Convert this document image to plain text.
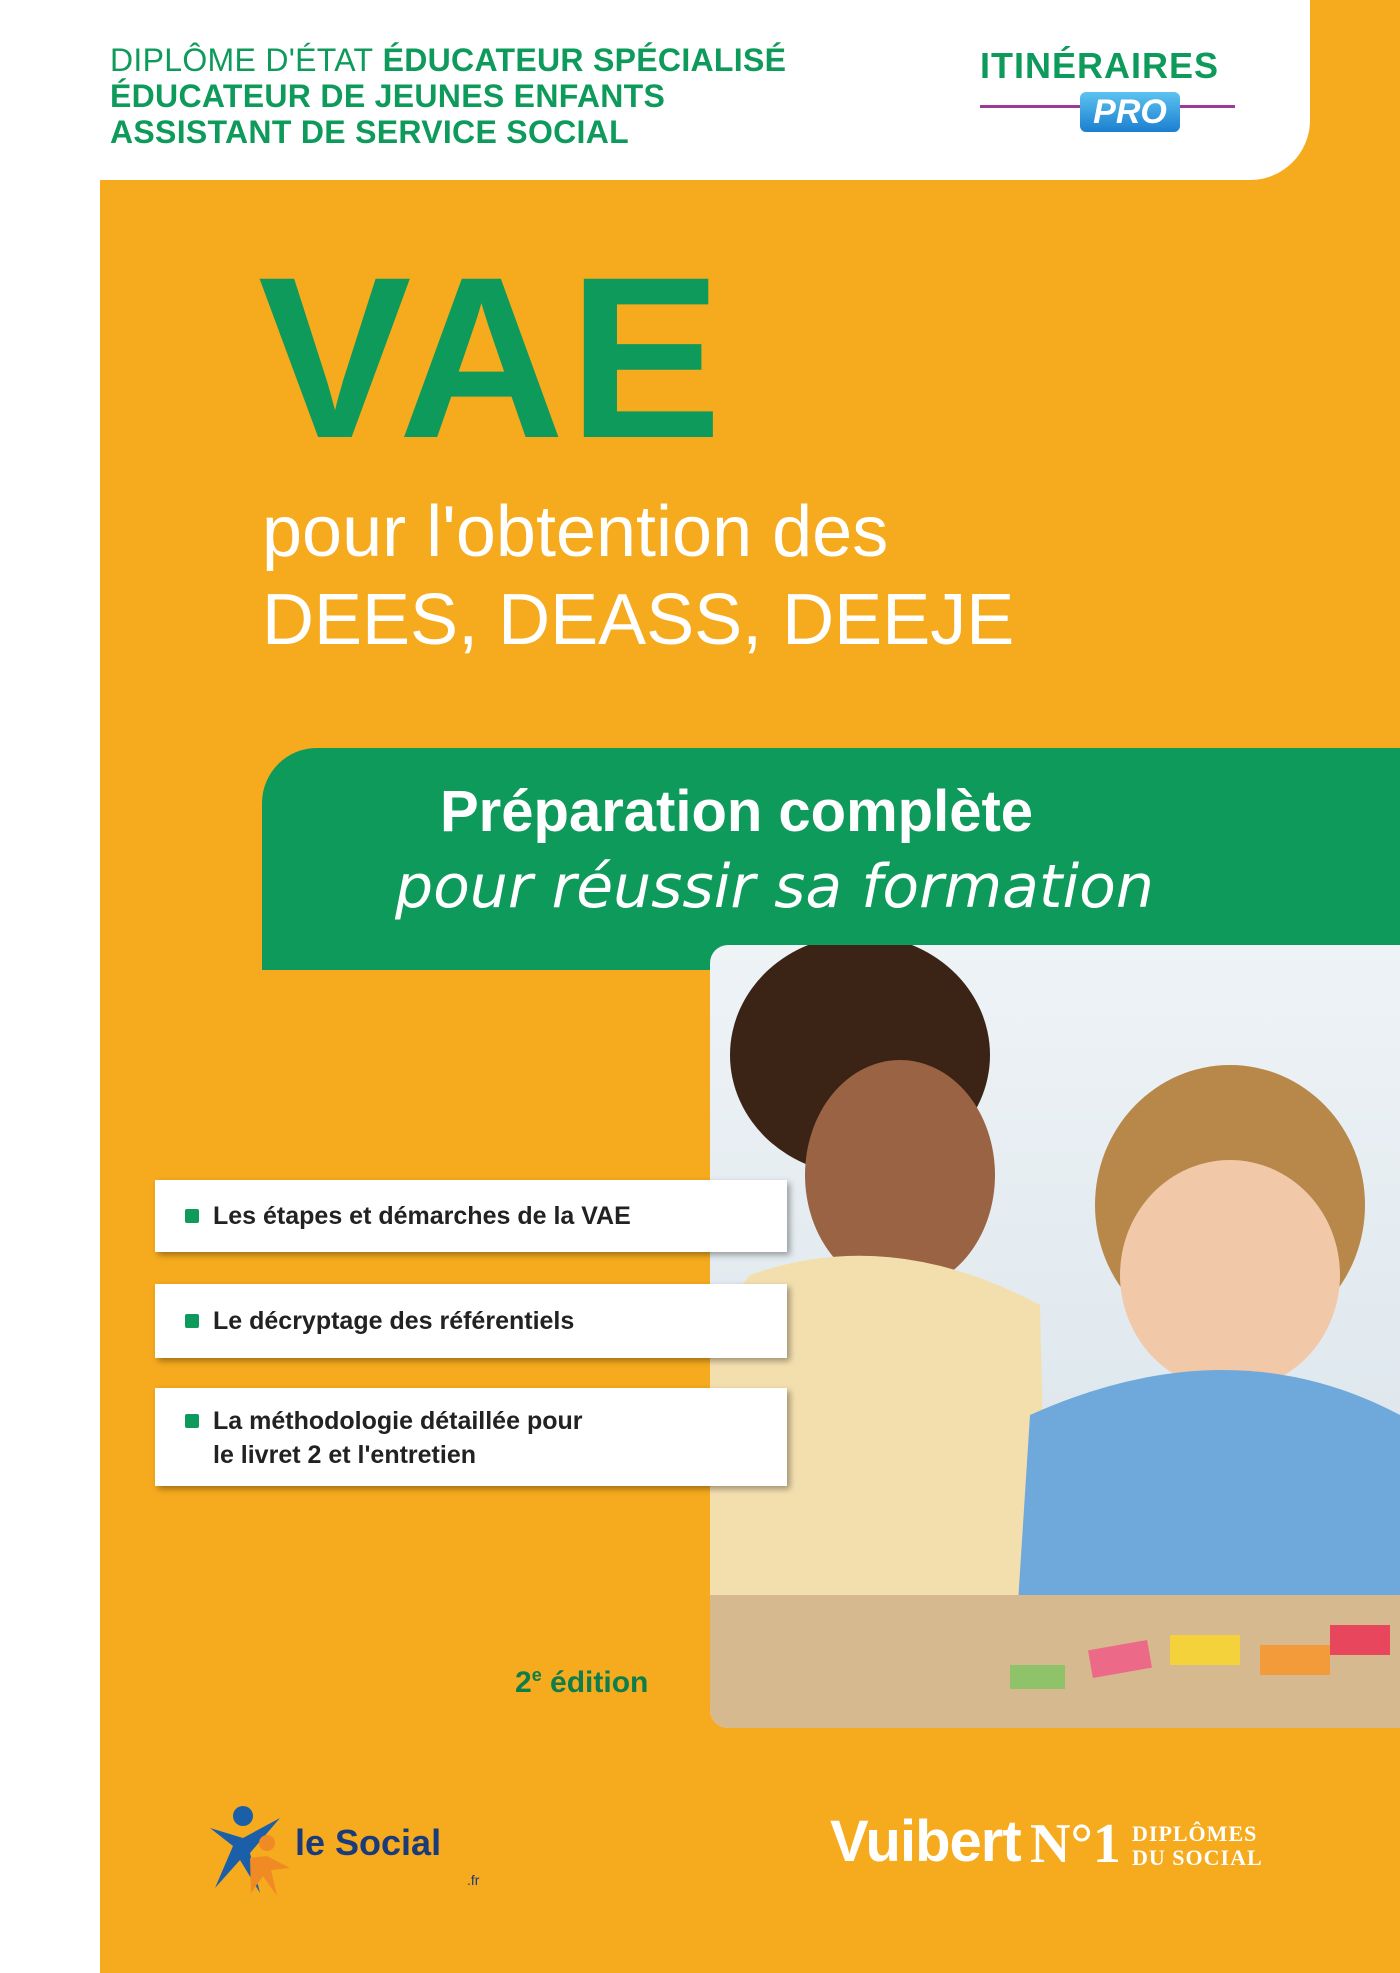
DIPLÔME D'ÉTAT ÉDUCATEUR SPÉCIALISÉ
ÉDUCATEUR DE JEUNES ENFANTS
ASSISTANT DE SERVICE SOCIAL
ITINÉRAIRES
PRO
VAE
pour l'obtention des
DEES, DEASS, DEEJE
Préparation complète
pour réussir sa formation
Les étapes et démarches de la VAE
Le décryptage des référentiels
La méthodologie détaillée pour
le livret 2 et l'entretien
2e édition
le Social
.fr
Vuibert N°1 DIPLÔMES
DU SOCIAL
